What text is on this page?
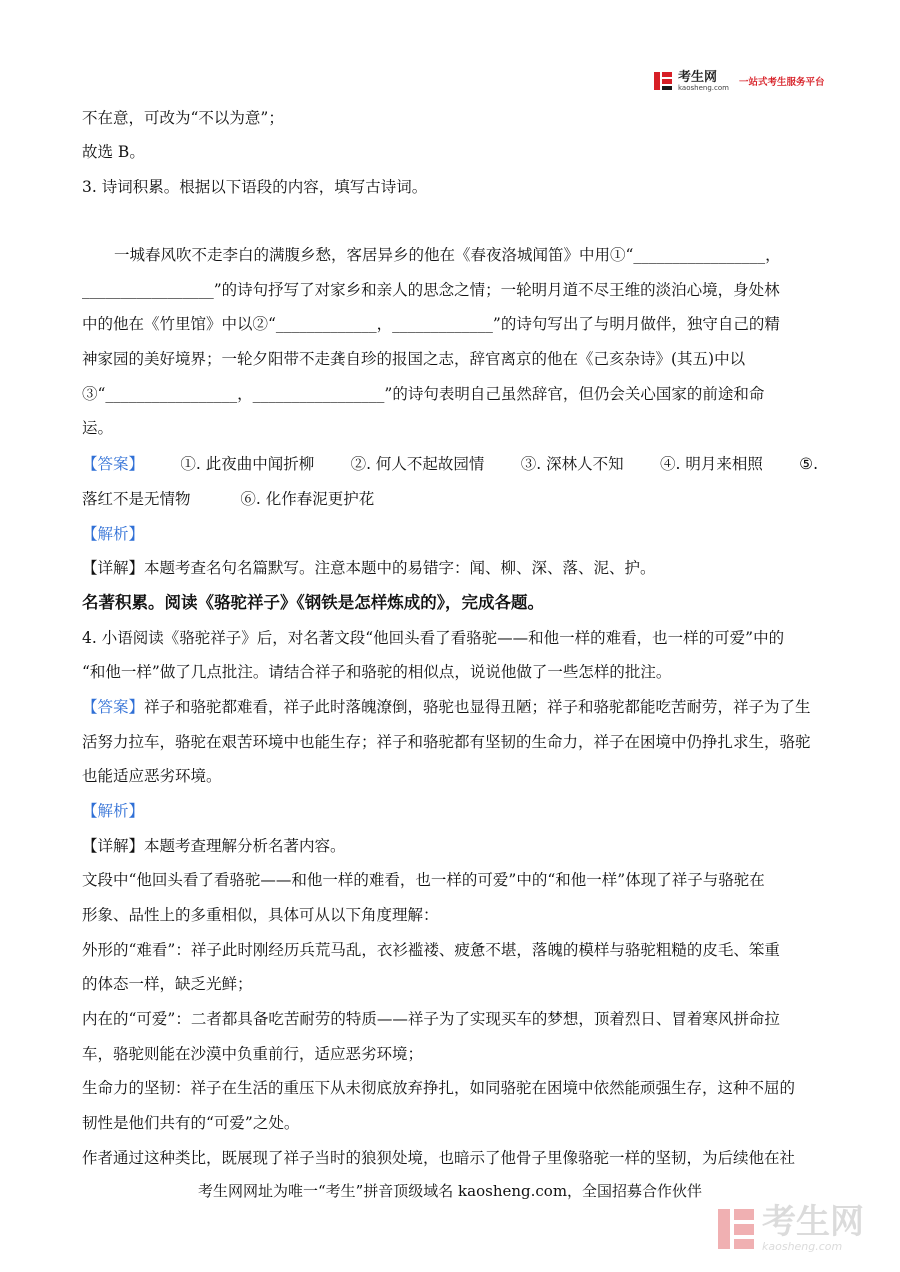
考生网
kaosheng.com 一站式考生服务平台
不在意，可改为“不以为意”；
故选 B。
3. 诗词积累。根据以下语段的内容，填写古诗词。
一城春风吹不走李白的满腹乡愁，客居异乡的他在《春夜洛城闻笛》中用①“_________________，
_________________”的诗句抒写了对家乡和亲人的思念之情；一轮明月道不尽王维的淡泊心境，身处林
中的他在《竹里馆》中以②“_____________，_____________”的诗句写出了与明月做伴，独守自己的精
神家园的美好境界；一轮夕阳带不走龚自珍的报国之志，辞官离京的他在《己亥杂诗》(其五)中以
③“_________________，_________________”的诗句表明自己虽然辞官，但仍会关心国家的前途和命
运。
【答案】 ①. 此夜曲中闻折柳 ②. 何人不起故园情 ③. 深林人不知 ④. 明月来相照 ⑤.
落红不是无情物	⑥. 化作春泥更护花
【解析】
【详解】本题考查名句名篇默写。注意本题中的易错字：闻、柳、深、落、泥、护。
名著积累。阅读《骆驼祥子》《钢铁是怎样炼成的》，完成各题。
4. 小语阅读《骆驼祥子》后，对名著文段“他回头看了看骆驼——和他一样的难看，也一样的可爱”中的
“和他一样”做了几点批注。请结合祥子和骆驼的相似点，说说他做了一些怎样的批注。
【答案】祥子和骆驼都难看，祥子此时落魄潦倒，骆驼也显得丑陋；祥子和骆驼都能吃苦耐劳，祥子为了生
活努力拉车，骆驼在艰苦环境中也能生存；祥子和骆驼都有坚韧的生命力，祥子在困境中仍挣扎求生，骆驼
也能适应恶劣环境。
【解析】
【详解】本题考查理解分析名著内容。
文段中“他回头看了看骆驼——和他一样的难看，也一样的可爱”中的“和他一样”体现了祥子与骆驼在
形象、品性上的多重相似，具体可从以下角度理解：
外形的“难看”：祥子此时刚经历兵荒马乱，衣衫褴褛、疲惫不堪，落魄的模样与骆驼粗糙的皮毛、笨重
的体态一样，缺乏光鲜；
内在的“可爱”：二者都具备吃苦耐劳的特质——祥子为了实现买车的梦想，顶着烈日、冒着寒风拼命拉
车，骆驼则能在沙漠中负重前行，适应恶劣环境；
生命力的坚韧：祥子在生活的重压下从未彻底放弃挣扎，如同骆驼在困境中依然能顽强生存，这种不屈的
韧性是他们共有的“可爱”之处。
作者通过这种类比，既展现了祥子当时的狼狈处境，也暗示了他骨子里像骆驼一样的坚韧，为后续他在社
考生网网址为唯一“考生”拼音顶级域名 kaosheng.com，全国招募合作伙伴
考生网
kaosheng.com
